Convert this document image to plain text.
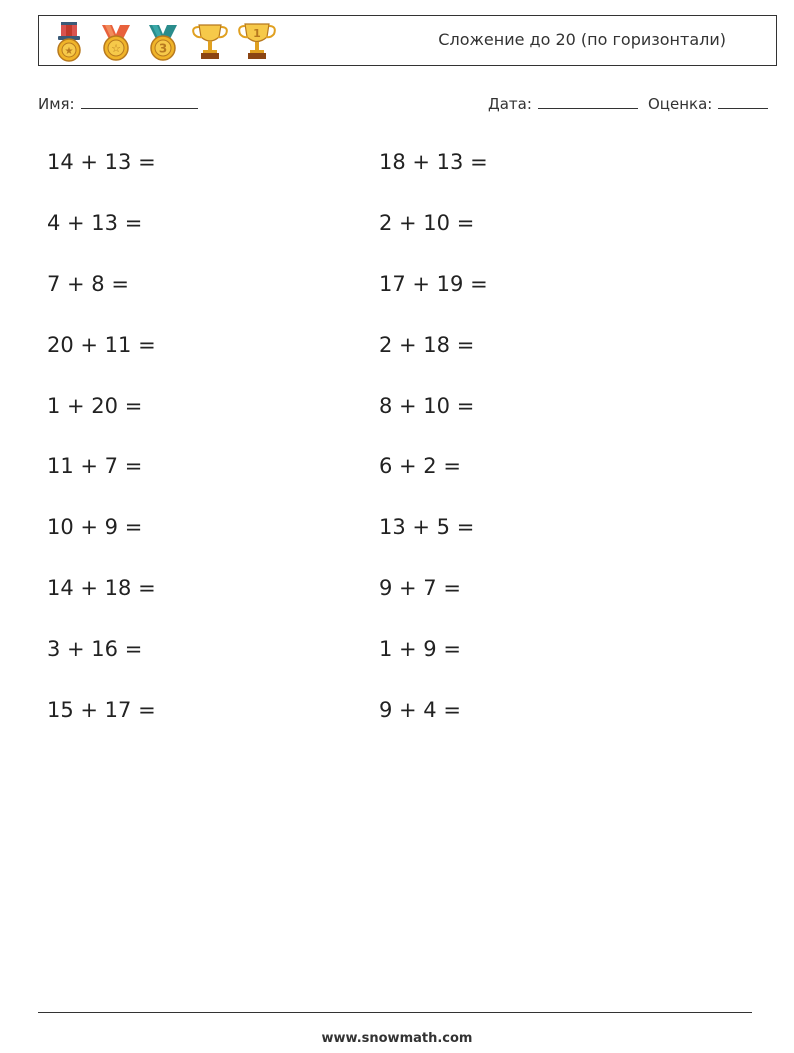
★	☆	3
1	Сложение до 20 (по горизонтали)
Имя:	Дата:	Оценка:
14 + 13 =
4 + 13 =
7 + 8 =
20 + 11 =
1 + 20 =
11 + 7 =
10 + 9 =
14 + 18 =
3 + 16 =
15 + 17 =
18 + 13 =
2 + 10 =
17 + 19 =
2 + 18 =
8 + 10 =
6 + 2 =
13 + 5 =
9 + 7 =
1 + 9 =
9 + 4 =
www.snowmath.com
